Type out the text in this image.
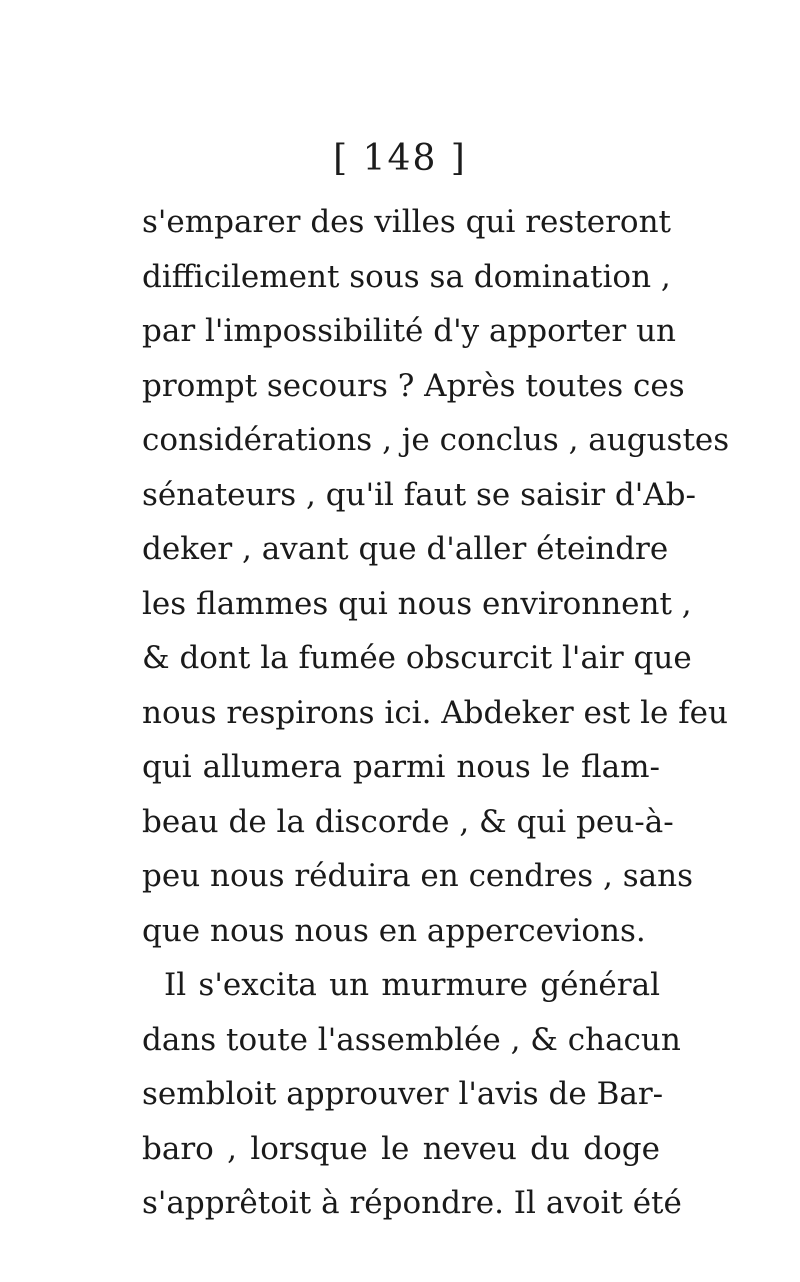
[ 148 ]
s'emparer des villes qui resteront
difficilement sous sa domination ,
par l'impossibilité d'y apporter un
prompt secours ? Après toutes ces
considérations , je conclus , augustes
sénateurs , qu'il faut se saisir d'Ab-
deker , avant que d'aller éteindre
les flammes qui nous environnent ,
& dont la fumée obscurcit l'air que
nous respirons ici. Abdeker est le feu
qui allumera parmi nous le flam-
beau de la discorde , & qui peu-à-
peu nous réduira en cendres , sans
que nous nous en appercevions.
Il s'excita un murmure général
dans toute l'assemblée , & chacun
sembloit approuver l'avis de Bar-
baro , lorsque le neveu du doge
s'apprêtoit à répondre. Il avoit été
